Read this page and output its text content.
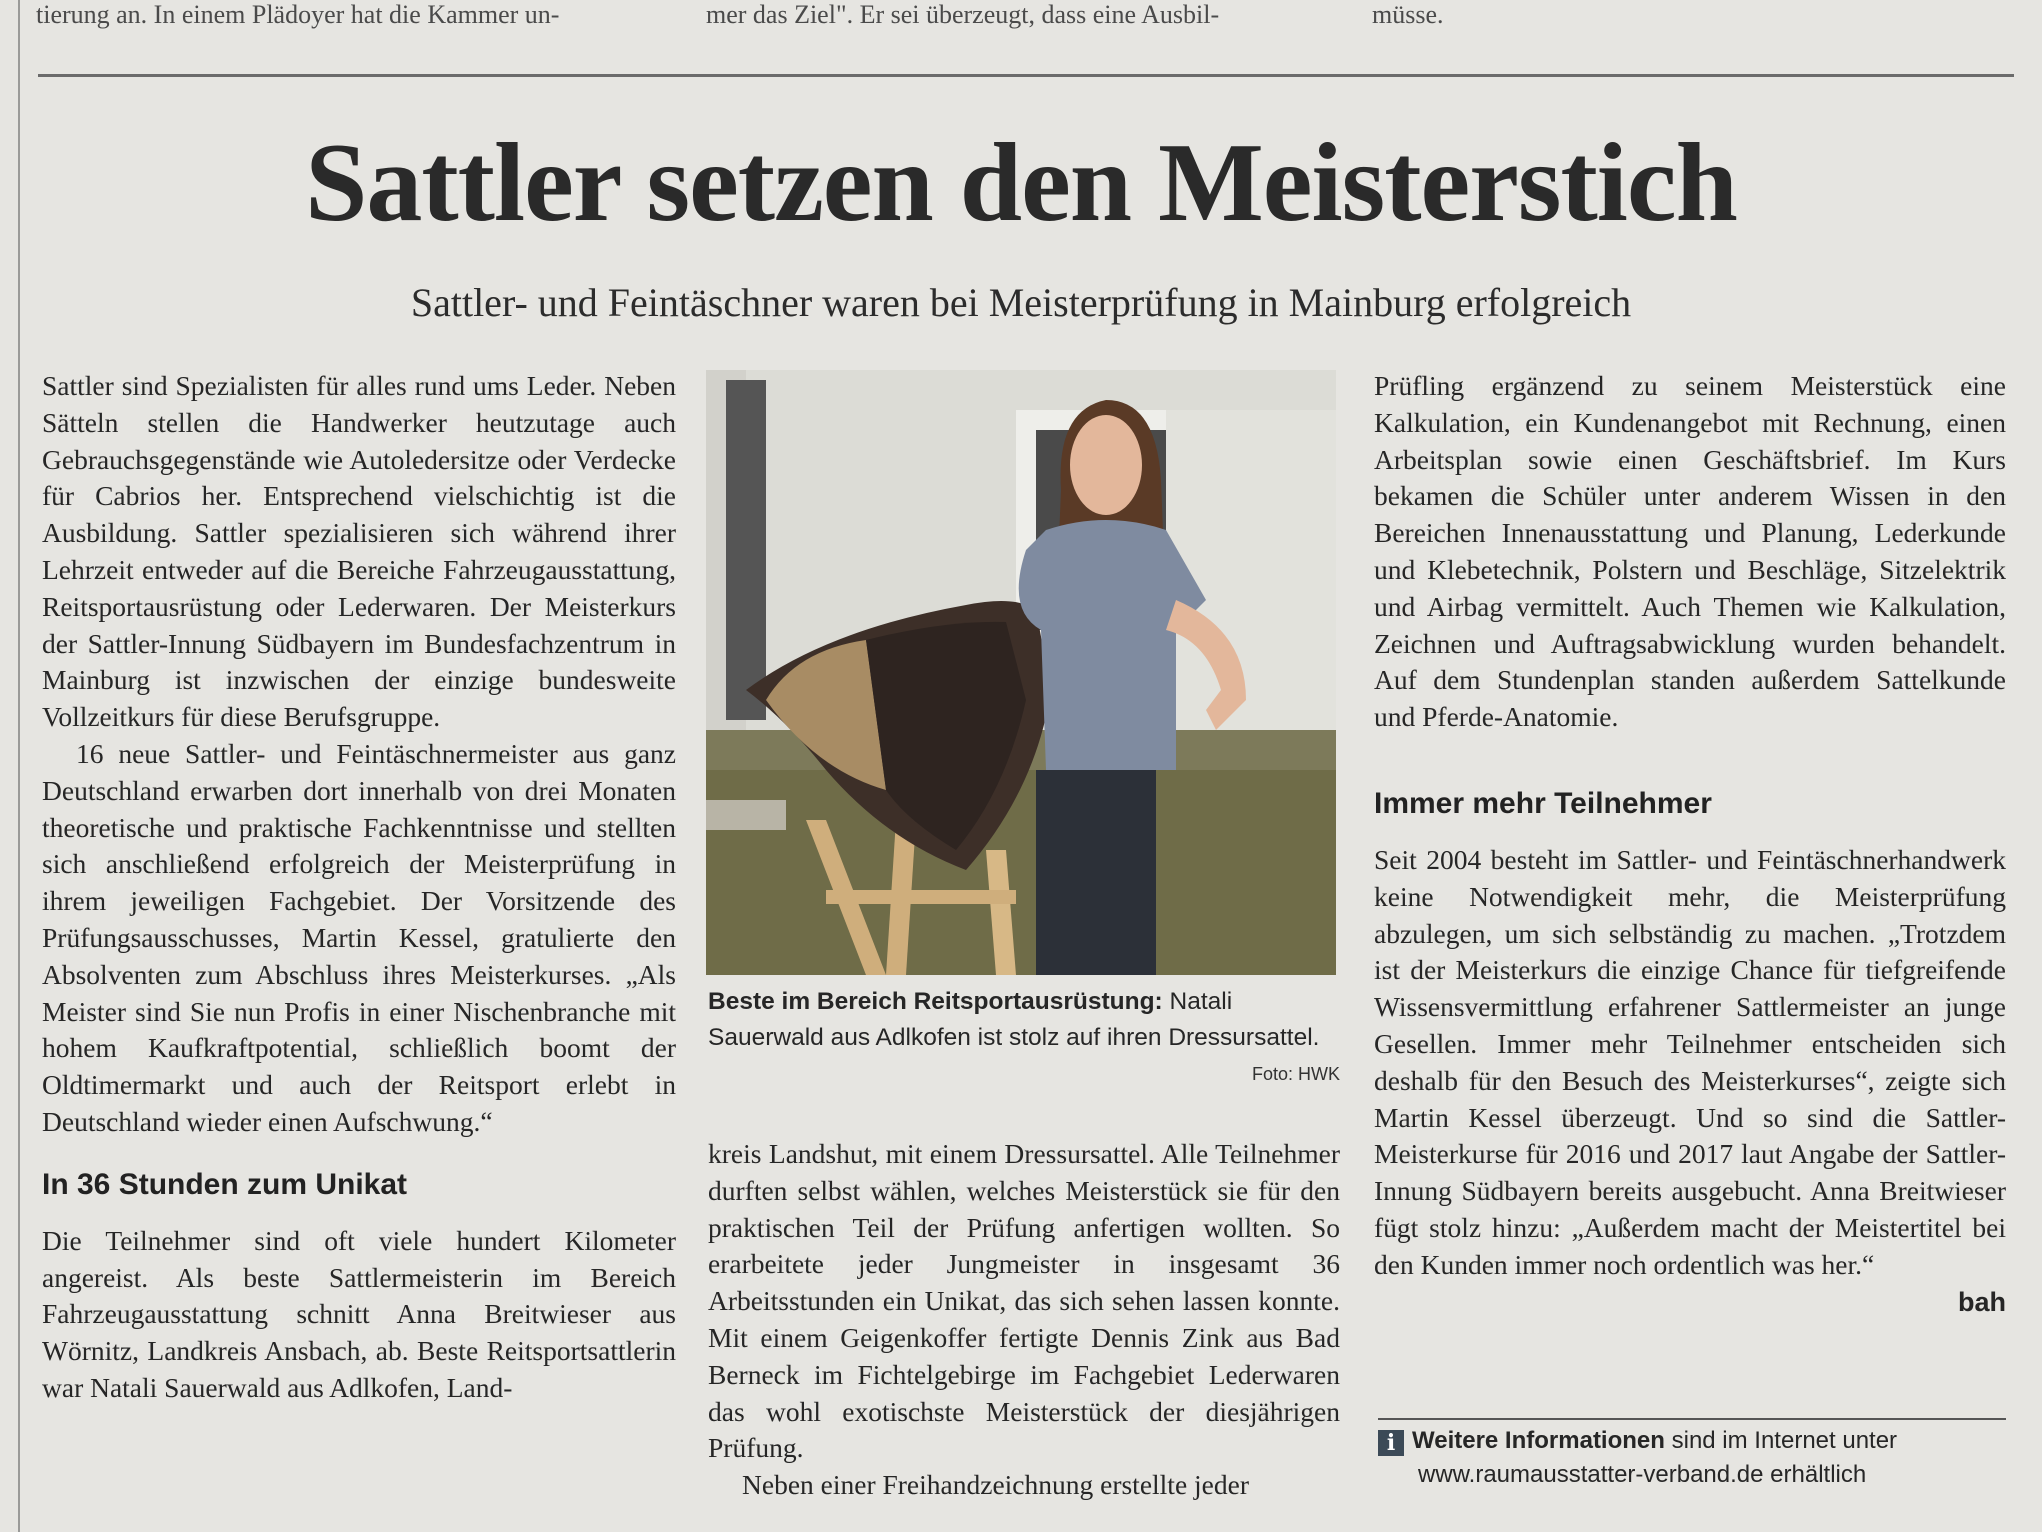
tierung an. In einem Plädoyer hat die Kammer un-	mer das Ziel". Er sei überzeugt, dass eine Ausbil-	müsse.
Sattler setzen den Meisterstich
Sattler- und Feintäschner waren bei Meisterprüfung in Mainburg erfolgreich

Sattler sind Spezialisten für alles rund ums Leder. Neben Sätteln stellen die Handwerker heutzutage auch Gebrauchsgegenstände wie Autoledersitze oder Verdecke für Cabrios her. Entsprechend vielschichtig ist die Ausbildung. Sattler spezialisieren sich während ihrer Lehrzeit entweder auf die Bereiche Fahrzeugausstattung, Reitsportausrüstung oder Lederwaren. Der Meisterkurs der Sattler-Innung Südbayern im Bundesfachzentrum in Mainburg ist inzwischen der einzige bundesweite Vollzeitkurs für diese Berufsgruppe.

16 neue Sattler- und Feintäschnermeister aus ganz Deutschland erwarben dort innerhalb von drei Monaten theoretische und praktische Fachkenntnisse und stellten sich anschließend erfolgreich der Meisterprüfung in ihrem jeweiligen Fachgebiet. Der Vorsitzende des Prüfungsausschusses, Martin Kessel, gratulierte den Absolventen zum Abschluss ihres Meisterkurses. „Als Meister sind Sie nun Profis in einer Nischenbranche mit hohem Kaufkraftpotential, schließlich boomt der Oldtimermarkt und auch der Reitsport erlebt in Deutschland wieder einen Aufschwung.“

In 36 Stunden zum Unikat

Die Teilnehmer sind oft viele hundert Kilometer angereist. Als beste Sattlermeisterin im Bereich Fahrzeugausstattung schnitt Anna Breitwieser aus Wörnitz, Landkreis Ansbach, ab. Beste Reitsportsattlerin war Natali Sauerwald aus Adlkofen, Land-

Beste im Bereich Reitsportausrüstung: Natali Sauerwald aus Adlkofen ist stolz auf ihren Dressursattel.
Foto: HWK

kreis Landshut, mit einem Dressursattel. Alle Teilnehmer durften selbst wählen, welches Meisterstück sie für den praktischen Teil der Prüfung anfertigen wollten. So erarbeitete jeder Jungmeister in insgesamt 36 Arbeitsstunden ein Unikat, das sich sehen lassen konnte. Mit einem Geigenkoffer fertigte Dennis Zink aus Bad Berneck im Fichtelgebirge im Fachgebiet Lederwaren das wohl exotischste Meisterstück der diesjährigen Prüfung.

Neben einer Freihandzeichnung erstellte jeder

Prüfling ergänzend zu seinem Meisterstück eine Kalkulation, ein Kundenangebot mit Rechnung, einen Arbeitsplan sowie einen Geschäftsbrief. Im Kurs bekamen die Schüler unter anderem Wissen in den Bereichen Innenausstattung und Planung, Lederkunde und Klebetechnik, Polstern und Beschläge, Sitzelektrik und Airbag vermittelt. Auch Themen wie Kalkulation, Zeichnen und Auftragsabwicklung wurden behandelt. Auf dem Stundenplan standen außerdem Sattelkunde und Pferde-Anatomie.

Immer mehr Teilnehmer

Seit 2004 besteht im Sattler- und Feintäschnerhandwerk keine Notwendigkeit mehr, die Meisterprüfung abzulegen, um sich selbständig zu machen. „Trotzdem ist der Meisterkurs die einzige Chance für tiefgreifende Wissensvermittlung erfahrener Sattlermeister an junge Gesellen. Immer mehr Teilnehmer entscheiden sich deshalb für den Besuch des Meisterkurses“, zeigte sich Martin Kessel überzeugt. Und so sind die Sattler-Meisterkurse für 2016 und 2017 laut Angabe der Sattler-Innung Südbayern bereits ausgebucht. Anna Breitwieser fügt stolz hinzu: „Außerdem macht der Meistertitel bei den Kunden immer noch ordentlich was her.“

bah
i Weitere Informationen sind im Internet unter
www.raumausstatter-verband.de erhältlich
